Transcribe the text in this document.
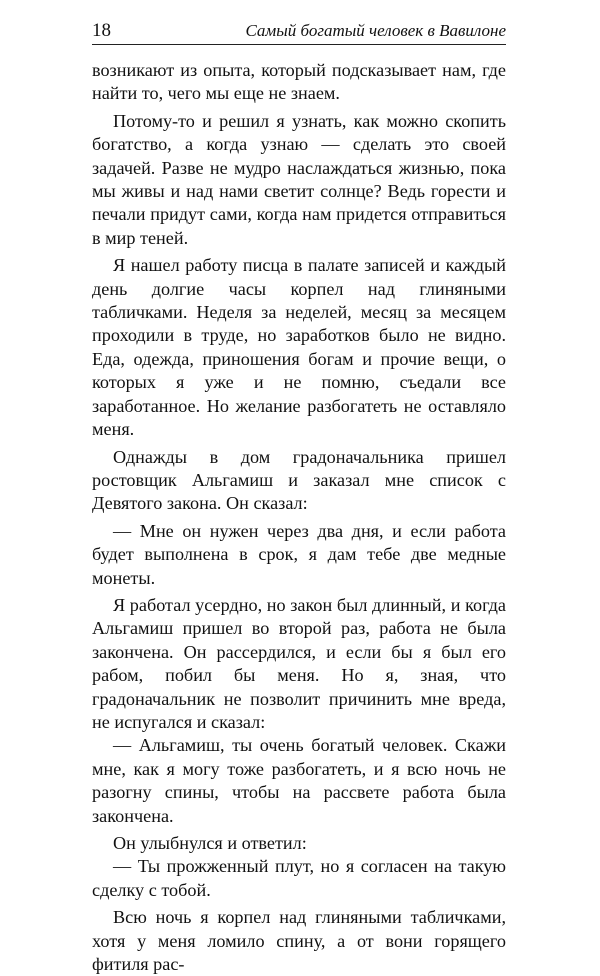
18	Самый богатый человек в Вавилоне

возникают из опыта, который подсказывает нам, где найти то, чего мы еще не знаем.

Потому-то и решил я узнать, как можно скопить богатство, а когда узнаю — сделать это своей задачей. Разве не мудро наслаждаться жизнью, пока мы живы и над нами светит солнце? Ведь горести и печали придут сами, когда нам придется отправиться в мир теней.

Я нашел работу писца в палате записей и каждый день долгие часы корпел над глиняными табличками. Неделя за неделей, месяц за месяцем проходили в труде, но заработков было не видно. Еда, одежда, приношения богам и прочие вещи, о которых я уже и не помню, съедали все заработанное. Но желание разбогатеть не оставляло меня.

Однажды в дом градоначальника пришел ростовщик Альгамиш и заказал мне список с Девятого закона. Он сказал:

— Мне он нужен через два дня, и если работа будет выполнена в срок, я дам тебе две медные монеты.

Я работал усердно, но закон был длинный, и когда Альгамиш пришел во второй раз, работа не была закончена. Он рассердился, и если бы я был его рабом, побил бы меня. Но я, зная, что градоначальник не позволит причинить мне вреда, не испугался и сказал:

— Альгамиш, ты очень богатый человек. Скажи мне, как я могу тоже разбогатеть, и я всю ночь не разогну спины, чтобы на рассвете работа была закончена.

Он улыбнулся и ответил:

— Ты прожженный плут, но я согласен на такую сделку с тобой.

Всю ночь я корпел над глиняными табличками, хотя у меня ломило спину, а от вони горящего фитиля рас-
